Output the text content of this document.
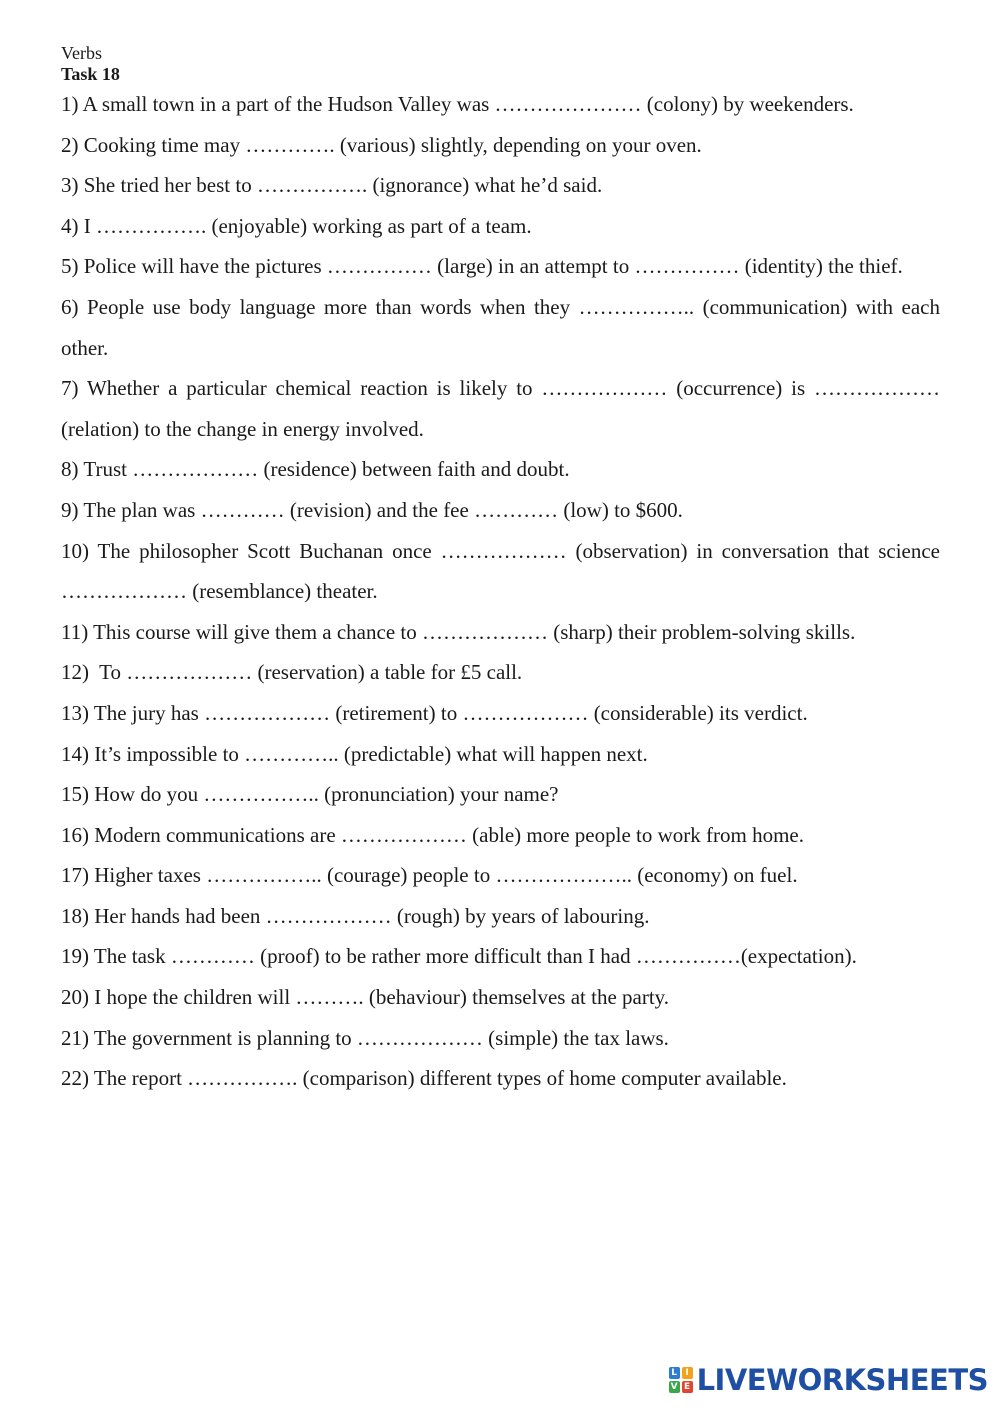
Verbs

Task 18

1) A small town in a part of the Hudson Valley was ………………… (colony) by weekenders.
2) Cooking time may …………. (various) slightly, depending on your oven.
3) She tried her best to ……………. (ignorance) what he’d said.
4) I ……………. (enjoyable) working as part of a team.
5) Police will have the pictures …………… (large) in an attempt to …………… (identity) the thief.
6) People use body language more than words when they …………….. (communication) with each other.
7) Whether a particular chemical reaction is likely to ……………… (occurrence) is ……………… (relation) to the change in energy involved.
8) Trust ……………… (residence) between faith and doubt.
9) The plan was ………… (revision) and the fee ………… (low) to $600.
10) The philosopher Scott Buchanan once ……………… (observation) in conversation that science ……………… (resemblance) theater.
11) This course will give them a chance to ……………… (sharp) their problem-solving skills.
12)  To ……………… (reservation) a table for £5 call.
13) The jury has ……………… (retirement) to ……………… (considerable) its verdict.
14) It’s impossible to ………….. (predictable) what will happen next.
15) How do you …………….. (pronunciation) your name?
16) Modern communications are ……………… (able) more people to work from home.
17) Higher taxes …………….. (courage) people to ……………….. (economy) on fuel.
18) Her hands had been ……………… (rough) by years of labouring.
19) The task ………… (proof) to be rather more difficult than I had ……………(expectation).
20) I hope the children will ………. (behaviour) themselves at the party.
21) The government is planning to ……………… (simple) the tax laws.
22) The report ……………. (comparison) different types of home computer available.
L I
V E LIVEWORKSHEETS
